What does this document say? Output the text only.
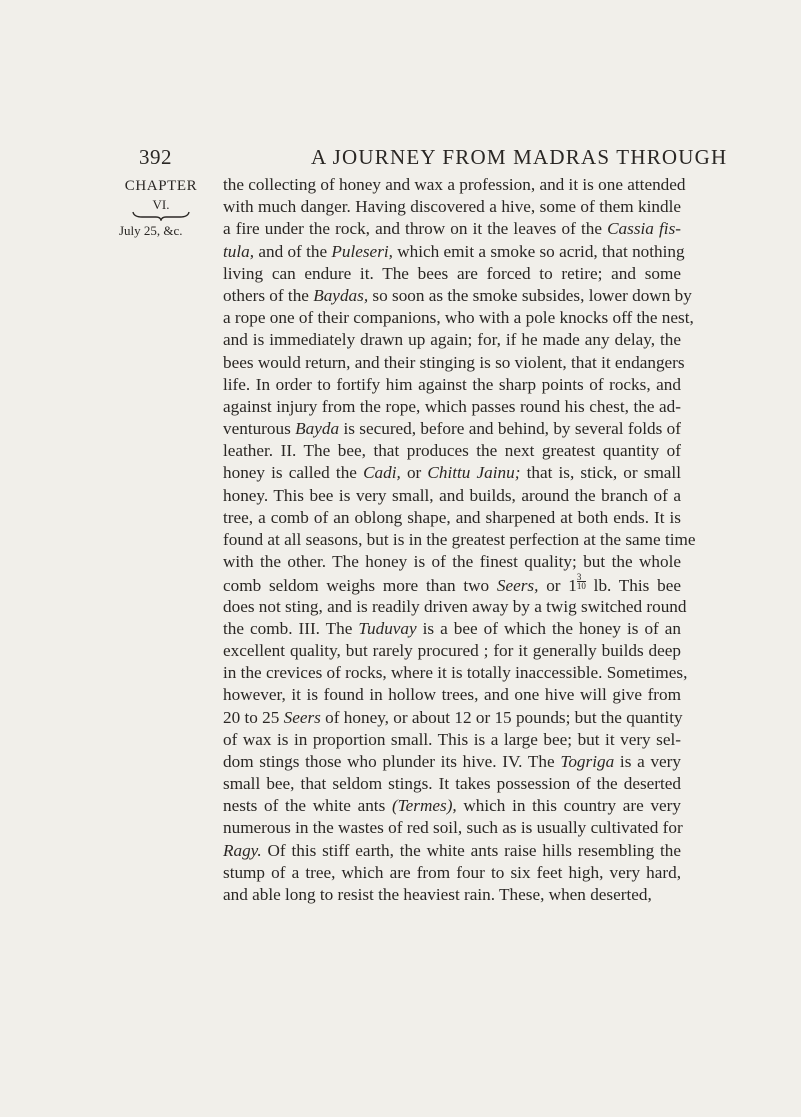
392	A JOURNEY FROM MADRAS THROUGH
CHAPTER
VI.
July 25, &c.
the collecting of honey and wax a profession, and it is one attended
with much danger. Having discovered a hive, some of them kindle
a fire under the rock, and throw on it the leaves of the Cassia fis-
tula, and of the Puleseri, which emit a smoke so acrid, that nothing
living can endure it. The bees are forced to retire; and some
others of the Baydas, so soon as the smoke subsides, lower down by
a rope one of their companions, who with a pole knocks off the nest,
and is immediately drawn up again; for, if he made any delay, the
bees would return, and their stinging is so violent, that it endangers
life. In order to fortify him against the sharp points of rocks, and
against injury from the rope, which passes round his chest, the ad-
venturous Bayda is secured, before and behind, by several folds of
leather. II. The bee, that produces the next greatest quantity of
honey is called the Cadi, or Chittu Jainu; that is, stick, or small
honey. This bee is very small, and builds, around the branch of a
tree, a comb of an oblong shape, and sharpened at both ends. It is
found at all seasons, but is in the greatest perfection at the same time
with the other. The honey is of the finest quality; but the whole
comb seldom weighs more than two Seers, or $1 \frac{3}{10}$ lb. This bee
does not sting, and is readily driven away by a twig switched round
the comb. III. The Tuduvay is a bee of which the honey is of an
excellent quality, but rarely procured ; for it generally builds deep
in the crevices of rocks, where it is totally inaccessible. Sometimes,
however, it is found in hollow trees, and one hive will give from
20 to 25 Seers of honey, or about 12 or 15 pounds; but the quantity
of wax is in proportion small. This is a large bee; but it very sel-
dom stings those who plunder its hive. IV. The Togriga is a very
small bee, that seldom stings. It takes possession of the deserted
nests of the white ants (Termes), which in this country are very
numerous in the wastes of red soil, such as is usually cultivated for
Ragy. Of this stiff earth, the white ants raise hills resembling the
stump of a tree, which are from four to six feet high, very hard,
and able long to resist the heaviest rain. These, when deserted,
